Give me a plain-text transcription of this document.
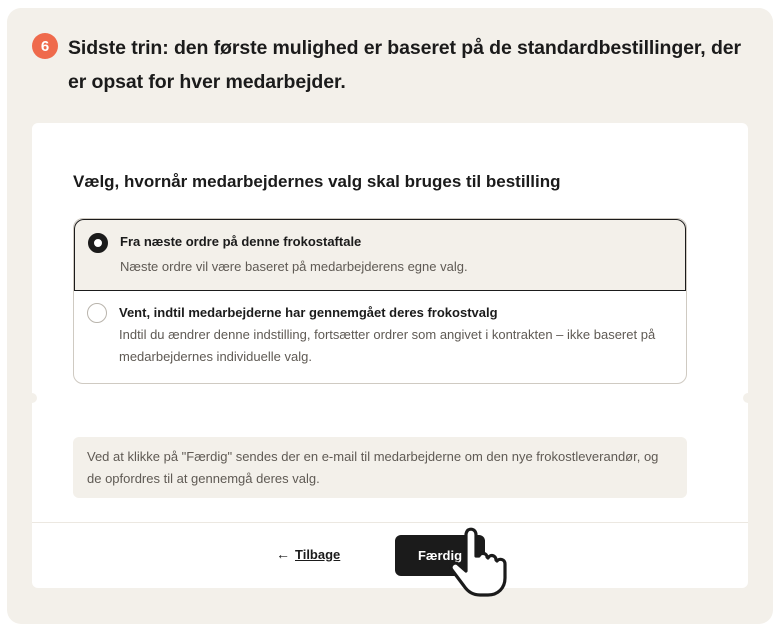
6 Sidste trin: den første mulighed er baseret på de standardbestillinger, der er opsat for hver medarbejder.
Vælg, hvornår medarbejdernes valg skal bruges til bestilling
Fra næste ordre på denne frokostaftale
Næste ordre vil være baseret på medarbejderens egne valg.
Vent, indtil medarbejderne har gennemgået deres frokostvalg
Indtil du ændrer denne indstilling, fortsætter ordrer som angivet i kontrakten – ikke baseret på medarbejdernes individuelle valg.
Ved at klikke på "Færdig" sendes der en e-mail til medarbejderne om den nye frokostleverandør, og de opfordres til at gennemgå deres valg.
← Tilbage	Færdig
